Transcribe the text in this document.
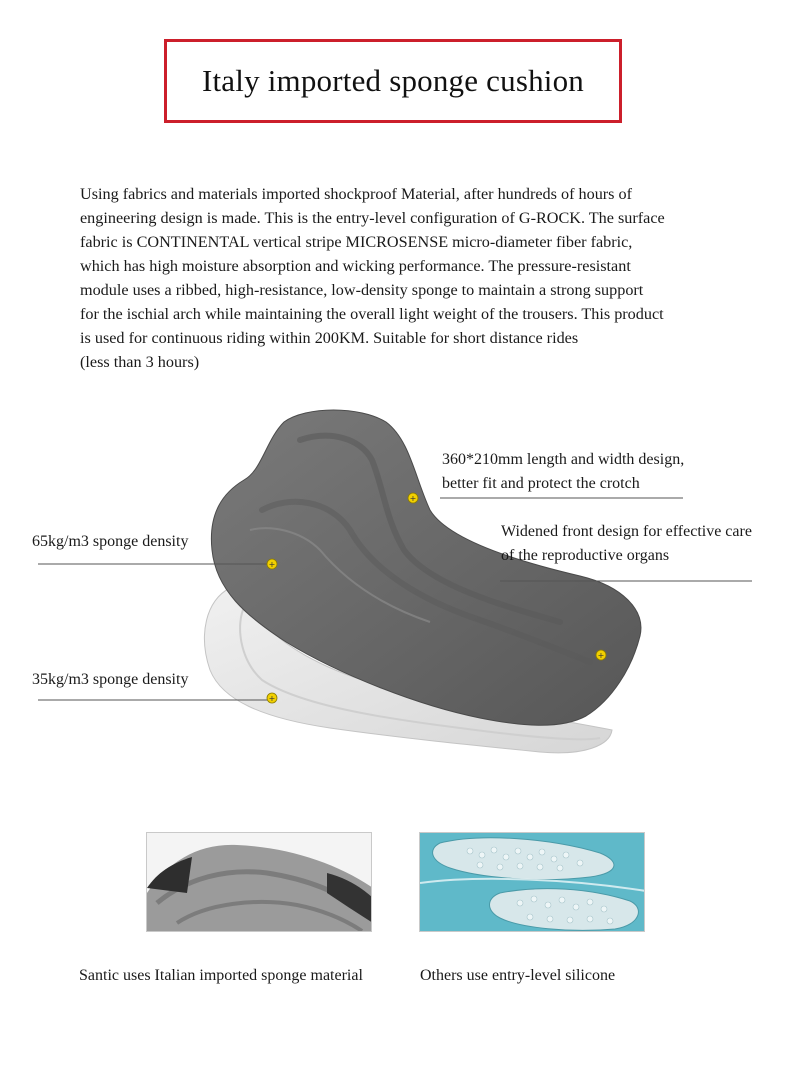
Italy imported sponge cushion

Using fabrics and materials imported shockproof Material, after hundreds of hours of
engineering design is made. This is the entry-level configuration of G-ROCK. The surface
fabric is CONTINENTAL vertical stripe MICROSENSE micro-diameter fiber fabric,
which has high moisture absorption and wicking performance. The pressure-resistant
module uses a ribbed, high-resistance, low-density sponge to maintain a strong support
for the ischial arch while maintaining the overall light weight of the trousers. This product
is used for continuous riding within 200KM. Suitable for short distance rides
(less than 3 hours)

+
+
+
+
360*210mm length and width design,
better fit and protect the crotch
Widened front design for effective care
of the reproductive organs
65kg/m3 sponge density
35kg/m3 sponge density
Santic uses Italian imported sponge material	Others use entry-level silicone
